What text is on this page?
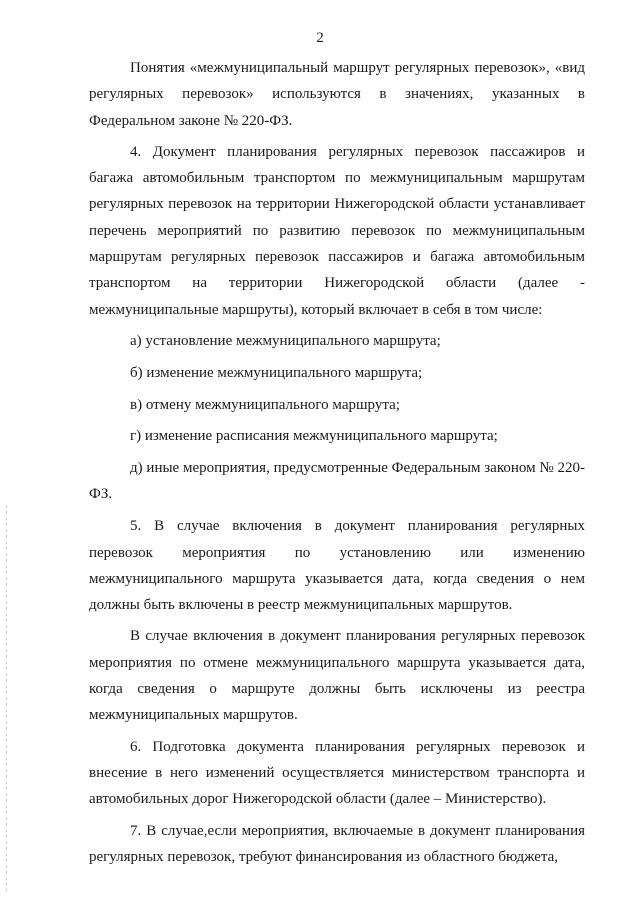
2

Понятия «межмуниципальный маршрут регулярных перевозок», «вид регулярных перевозок» используются в значениях, указанных в Федеральном законе № 220-ФЗ.

4. Документ планирования регулярных перевозок пассажиров и багажа автомобильным транспортом по межмуниципальным маршрутам регулярных перевозок на территории Нижегородской области устанавливает перечень мероприятий по развитию перевозок по межмуниципальным маршрутам регулярных перевозок пассажиров и багажа автомобильным транспортом на территории Нижегородской области (далее - межмуниципальные маршруты), который включает в себя в том числе:

а) установление межмуниципального маршрута;

б) изменение межмуниципального маршрута;

в) отмену межмуниципального маршрута;

г) изменение расписания межмуниципального маршрута;

д) иные мероприятия, предусмотренные Федеральным законом № 220-ФЗ.

5. В случае включения в документ планирования регулярных перевозок мероприятия по установлению или изменению межмуниципального маршрута указывается дата, когда сведения о нем должны быть включены в реестр межмуниципальных маршрутов.

В случае включения в документ планирования регулярных перевозок мероприятия по отмене межмуниципального маршрута указывается дата, когда сведения о маршруте должны быть исключены из реестра межмуниципальных маршрутов.

6. Подготовка документа планирования регулярных перевозок и внесение в него изменений осуществляется министерством транспорта и автомобильных дорог Нижегородской области (далее – Министерство).

7. В случае,если мероприятия, включаемые в документ планирования регулярных перевозок, требуют финансирования из областного бюджета,
